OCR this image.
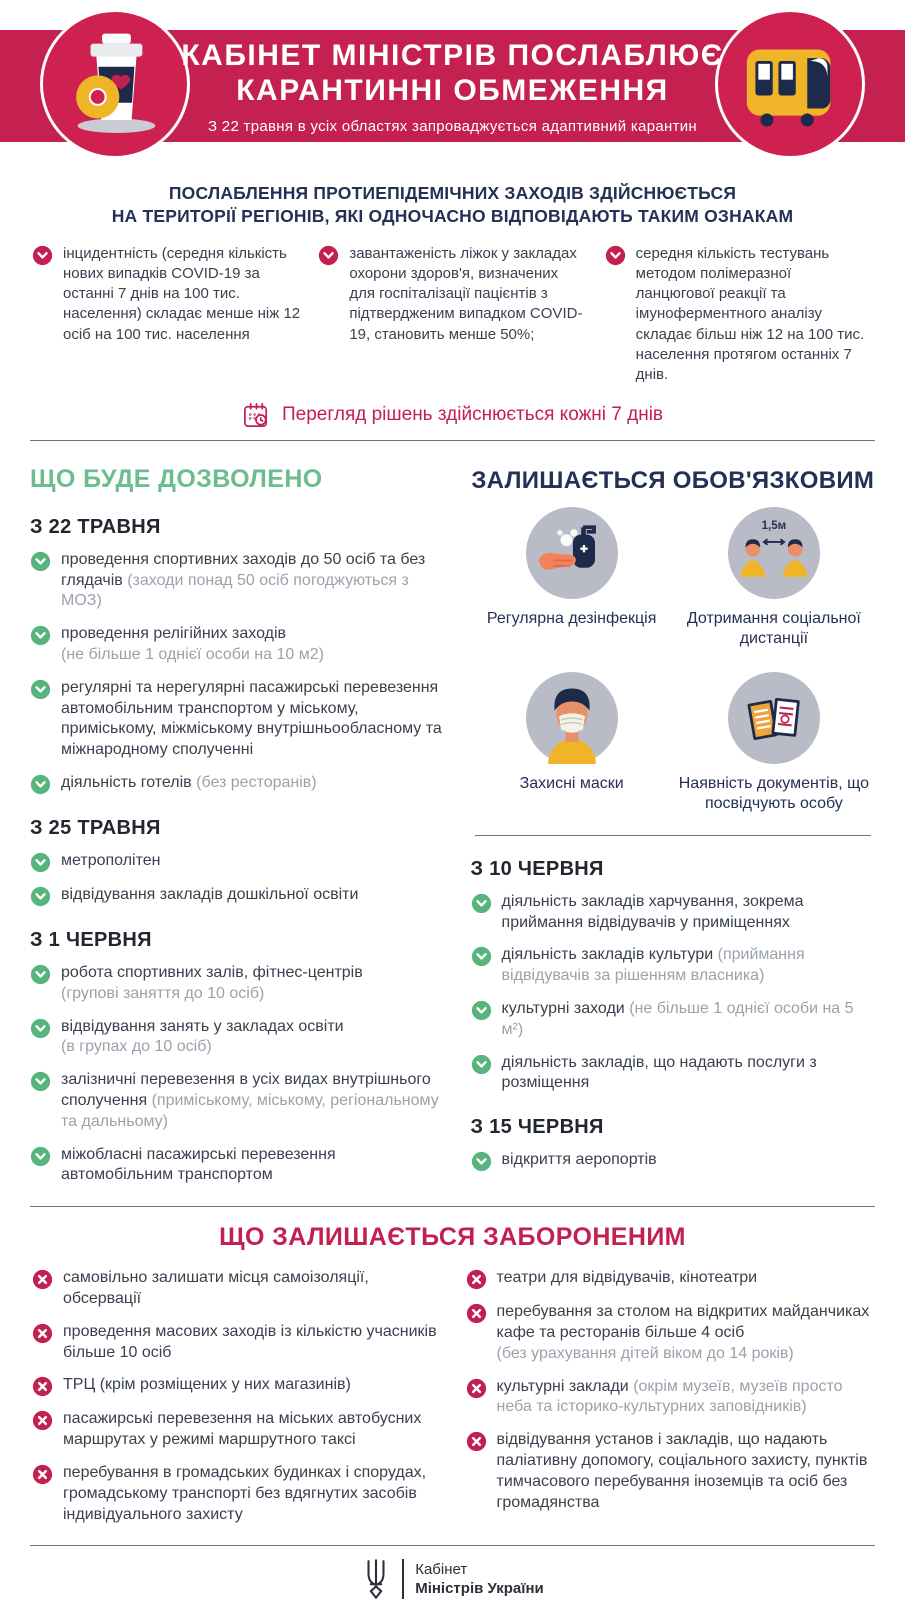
КАБІНЕТ МІНІСТРІВ ПОСЛАБЛЮЄ
КАРАНТИННІ ОБМЕЖЕННЯ
З 22 травня в усіх областях запроваджується адаптивний карантин
ПОСЛАБЛЕННЯ ПРОТИЕПІДЕМІЧНИХ ЗАХОДІВ ЗДІЙСНЮЄТЬСЯ
НА ТЕРИТОРІЇ РЕГІОНІВ, ЯКІ ОДНОЧАСНО ВІДПОВІДАЮТЬ ТАКИМ ОЗНАКАМ
інцидентність (середня кількість нових випадків COVID-19 за останні 7 днів на 100 тис. населення) складає менше ніж 12 осіб на 100 тис. населення
завантаженість ліжок у закладах охорони здоров'я, визначених для госпіталізації пацієнтів з підтвердженим випадком COVID-19, становить менше 50%;
середня кількість тестувань методом полімеразної ланцюгової реакції та імуноферментного аналізу складає більш ніж 12 на 100 тис. населення протягом останніх 7 днів.
Перегляд рішень здійснюється кожні 7 днів
ЩО БУДЕ ДОЗВОЛЕНО
З 22 ТРАВНЯ
проведення спортивних заходів до 50 осіб та без глядачів (заходи понад 50 осіб погоджуються з МОЗ)
проведення релігійних заходів
(не більше 1 однієї особи на 10 м2)
регулярні та нерегулярні пасажирські перевезення автомобільним транспортом у міському, приміському, міжміському внутрішньообласному та міжнародному сполученні
діяльність готелів (без ресторанів)
З 25 ТРАВНЯ
метрополітен
відвідування закладів дошкільної освіти
З 1 ЧЕРВНЯ
робота спортивних залів, фітнес-центрів
(групові заняття до 10 осіб)
відвідування занять у закладах освіти
(в групах до 10 осіб)
залізничні перевезення в усіх видах внутрішнього сполучення (приміському, міському, регіональному та дальньому)
міжобласні пасажирські перевезення автомобільним транспортом
ЗАЛИШАЄТЬСЯ ОБОВ'ЯЗКОВИМ
Регулярна дезінфекція
1,5м
Дотримання соціальної дистанції
Захисні маски	Наявність документів, що посвідчують особу
З 10 ЧЕРВНЯ
діяльність закладів харчування, зокрема приймання відвідувачів у приміщеннях
діяльність закладів культури (приймання відвідувачів за рішенням власника)
культурні заходи (не більше 1 однієї особи на 5 м²)
діяльність закладів, що надають послуги з розміщення
З 15 ЧЕРВНЯ
відкриття аеропортів
ЩО ЗАЛИШАЄТЬСЯ ЗАБОРОНЕНИМ
самовільно залишати місця самоізоляції, обсервації
проведення масових заходів із кількістю учасників більше 10 осіб
ТРЦ (крім розміщених у них магазинів)
пасажирські перевезення на міських автобусних маршрутах у режимі маршрутного таксі
перебування в громадських будинках і спорудах, громадському транспорті без вдягнутих засобів індивідуального захисту
театри для відвідувачів, кінотеатри
перебування за столом на відкритих майданчиках кафе та ресторанів більше 4 осіб
(без урахування дітей віком до 14 років)
культурні заклади (окрім музеїв, музеїв просто неба та історико-культурних заповідників)
відвідування установ і закладів, що надають паліативну допомогу, соціального захисту, пунктів тимчасового перебування іноземців та осіб без громадянства
Кабінет
Міністрів України
